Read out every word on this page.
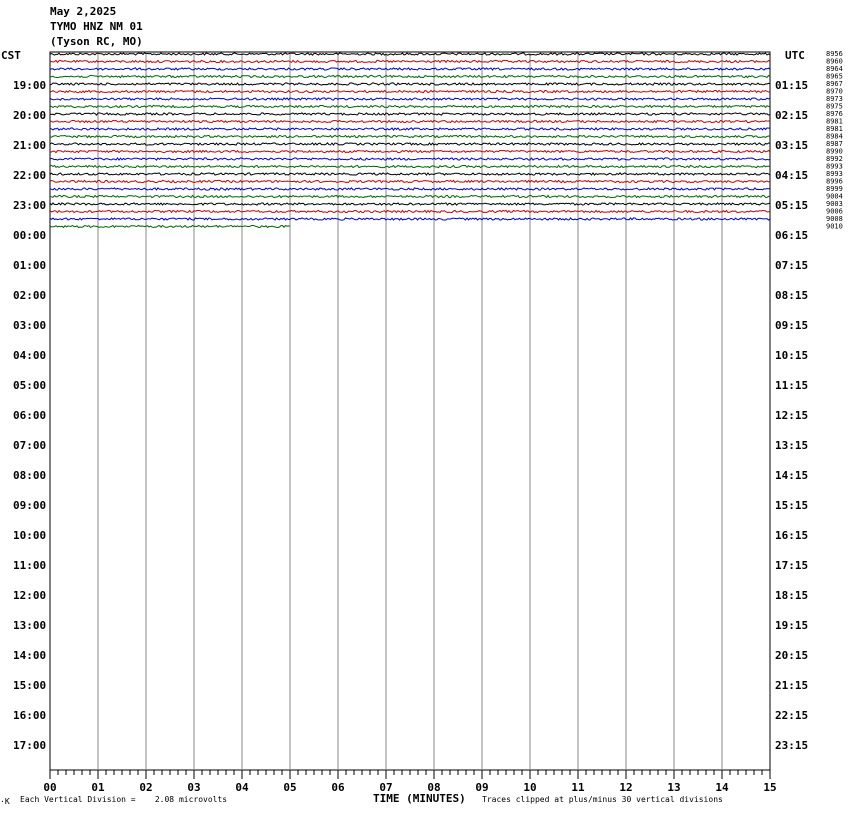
May 2,2025
TYMO HNZ NM 01
(Tyson RC, MO)
CST	UTC
19:00
20:00
21:00
22:00
23:00
00:00
01:00
02:00
03:00
04:00
05:00
06:00
07:00
08:00
09:00
10:00
11:00
12:00
13:00
14:00
15:00
16:00
17:00
01:15
02:15
03:15
04:15
05:15
06:15
07:15
08:15
09:15
10:15
11:15
12:15
13:15
14:15
15:15
16:15
17:15
18:15
19:15
20:15
21:15
22:15
23:15
8956
8960
8964
8965
8967
8970
8973
8975
8976
8981
8981
8984
8987
8990
8992
8993
8993
8996
8999
9004
9003
9006
9008
9010
00	01	02	03	04	05	06	07	08	09	10	11	12	13	14	15
·K Each Vertical Division =    2.08 microvolts	TIME (MINUTES) Traces clipped at plus/minus 30 vertical divisions
